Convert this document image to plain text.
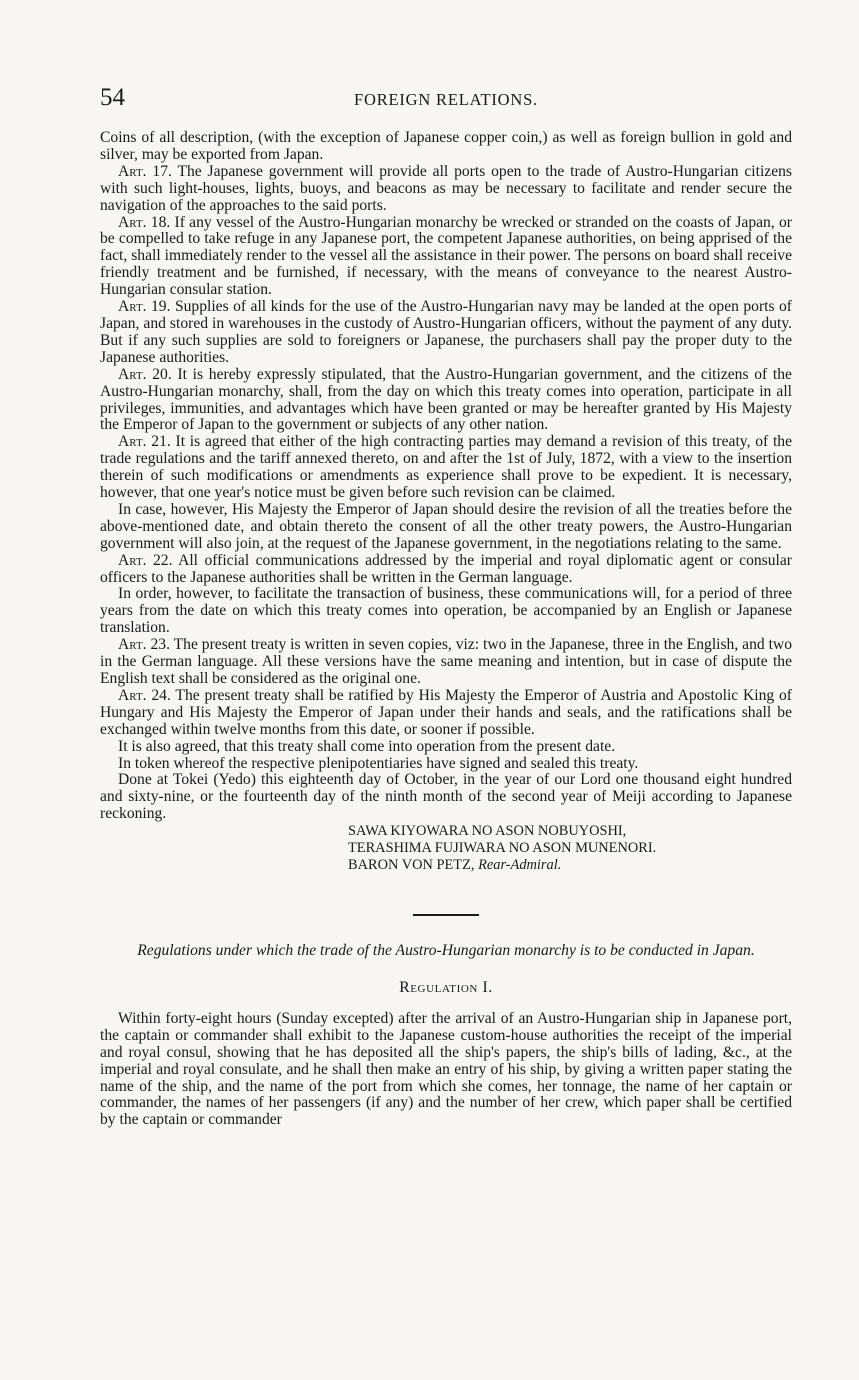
54	FOREIGN RELATIONS.

Coins of all description, (with the exception of Japanese copper coin,) as well as foreign bullion in gold and silver, may be exported from Japan.

Art. 17. The Japanese government will provide all ports open to the trade of Austro-Hungarian citizens with such light-houses, lights, buoys, and beacons as may be necessary to facilitate and render secure the navigation of the approaches to the said ports.

Art. 18. If any vessel of the Austro-Hungarian monarchy be wrecked or stranded on the coasts of Japan, or be compelled to take refuge in any Japanese port, the competent Japanese authorities, on being apprised of the fact, shall immediately render to the vessel all the assistance in their power. The persons on board shall receive friendly treatment and be furnished, if necessary, with the means of conveyance to the nearest Austro-Hungarian consular station.

Art. 19. Supplies of all kinds for the use of the Austro-Hungarian navy may be landed at the open ports of Japan, and stored in warehouses in the custody of Austro-Hungarian officers, without the payment of any duty. But if any such supplies are sold to foreigners or Japanese, the purchasers shall pay the proper duty to the Japanese authorities.

Art. 20. It is hereby expressly stipulated, that the Austro-Hungarian government, and the citizens of the Austro-Hungarian monarchy, shall, from the day on which this treaty comes into operation, participate in all privileges, immunities, and advantages which have been granted or may be hereafter granted by His Majesty the Emperor of Japan to the government or subjects of any other nation.

Art. 21. It is agreed that either of the high contracting parties may demand a revision of this treaty, of the trade regulations and the tariff annexed thereto, on and after the 1st of July, 1872, with a view to the insertion therein of such modifications or amendments as experience shall prove to be expedient. It is necessary, however, that one year's notice must be given before such revision can be claimed.

In case, however, His Majesty the Emperor of Japan should desire the revision of all the treaties before the above-mentioned date, and obtain thereto the consent of all the other treaty powers, the Austro-Hungarian government will also join, at the request of the Japanese government, in the negotiations relating to the same.

Art. 22. All official communications addressed by the imperial and royal diplomatic agent or consular officers to the Japanese authorities shall be written in the German language.

In order, however, to facilitate the transaction of business, these communications will, for a period of three years from the date on which this treaty comes into operation, be accompanied by an English or Japanese translation.

Art. 23. The present treaty is written in seven copies, viz: two in the Japanese, three in the English, and two in the German language. All these versions have the same meaning and intention, but in case of dispute the English text shall be considered as the original one.

Art. 24. The present treaty shall be ratified by His Majesty the Emperor of Austria and Apostolic King of Hungary and His Majesty the Emperor of Japan under their hands and seals, and the ratifications shall be exchanged within twelve months from this date, or sooner if possible.

It is also agreed, that this treaty shall come into operation from the present date.

In token whereof the respective plenipotentiaries have signed and sealed this treaty.

Done at Tokei (Yedo) this eighteenth day of October, in the year of our Lord one thousand eight hundred and sixty-nine, or the fourteenth day of the ninth month of the second year of Meiji according to Japanese reckoning.

SAWA KIYOWARA NO ASON NOBUYOSHI,
TERASHIMA FUJIWARA NO ASON MUNENORI.
BARON VON PETZ, Rear-Admiral.

Regulations under which the trade of the Austro-Hungarian monarchy is to be conducted in Japan.

Regulation I.

Within forty-eight hours (Sunday excepted) after the arrival of an Austro-Hungarian ship in Japanese port, the captain or commander shall exhibit to the Japanese custom-house authorities the receipt of the imperial and royal consul, showing that he has deposited all the ship's papers, the ship's bills of lading, &c., at the imperial and royal consulate, and he shall then make an entry of his ship, by giving a written paper stating the name of the ship, and the name of the port from which she comes, her tonnage, the name of her captain or commander, the names of her passengers (if any) and the number of her crew, which paper shall be certified by the captain or commander
